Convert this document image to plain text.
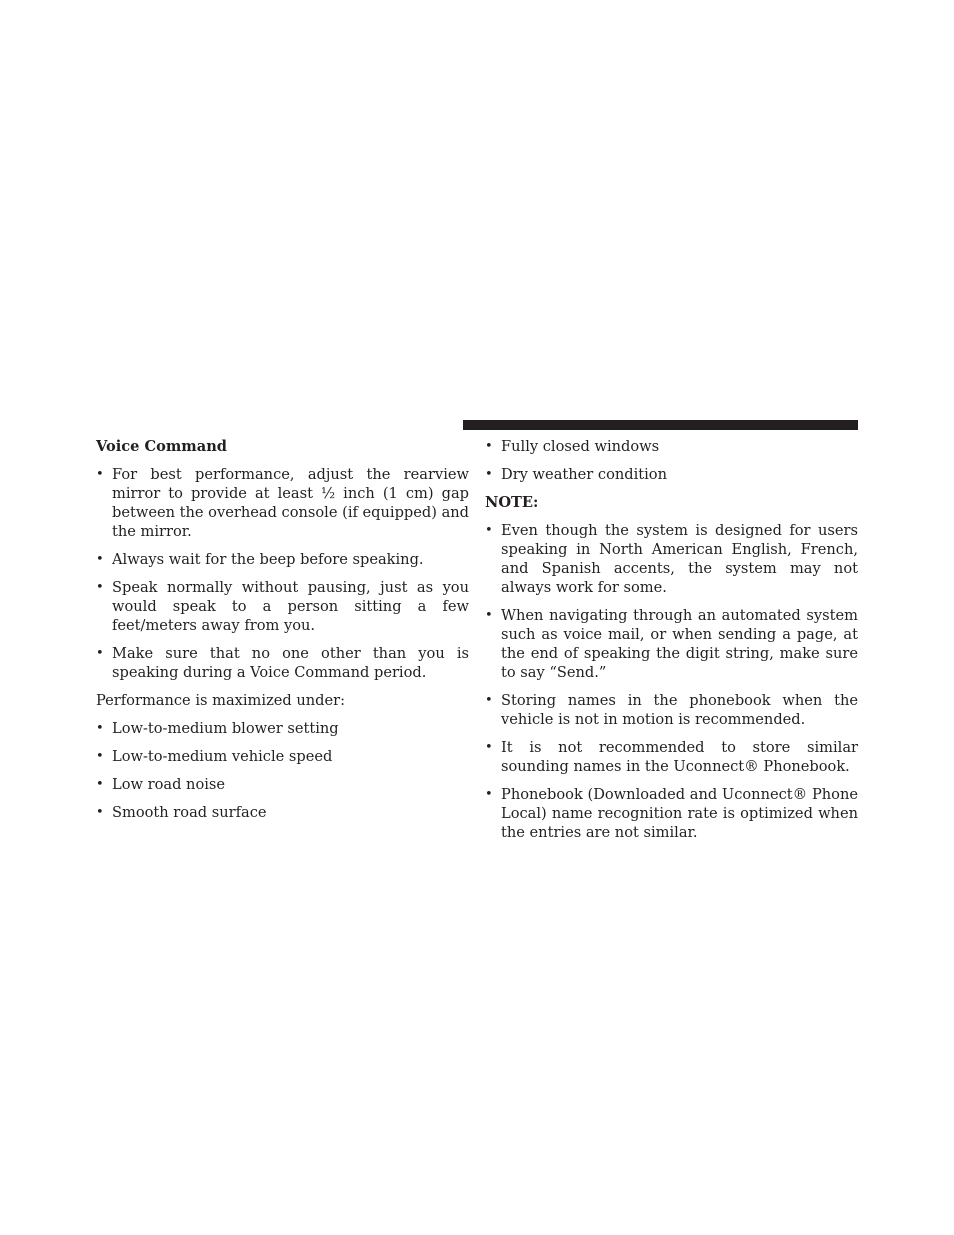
Voice Command
• For best performance, adjust the rearview mirror to provide at least ½ inch (1 cm) gap between the overhead console (if equipped) and the mirror.
• Always wait for the beep before speaking.
• Speak normally without pausing, just as you would speak to a person sitting a few feet/meters away from you.
• Make sure that no one other than you is speaking during a Voice Command period.
Performance is maximized under:
• Low-to-medium blower setting
• Low-to-medium vehicle speed
• Low road noise
• Smooth road surface
• Fully closed windows
• Dry weather condition
NOTE:
• Even though the system is designed for users speaking in North American English, French, and Spanish accents, the system may not always work for some.
• When navigating through an automated system such as voice mail, or when sending a page, at the end of speaking the digit string, make sure to say “Send.”
• Storing names in the phonebook when the vehicle is not in motion is recommended.
• It is not recommended to store similar sounding names in the Uconnect® Phonebook.
• Phonebook (Downloaded and Uconnect® Phone Local) name recognition rate is optimized when the entries are not similar.
